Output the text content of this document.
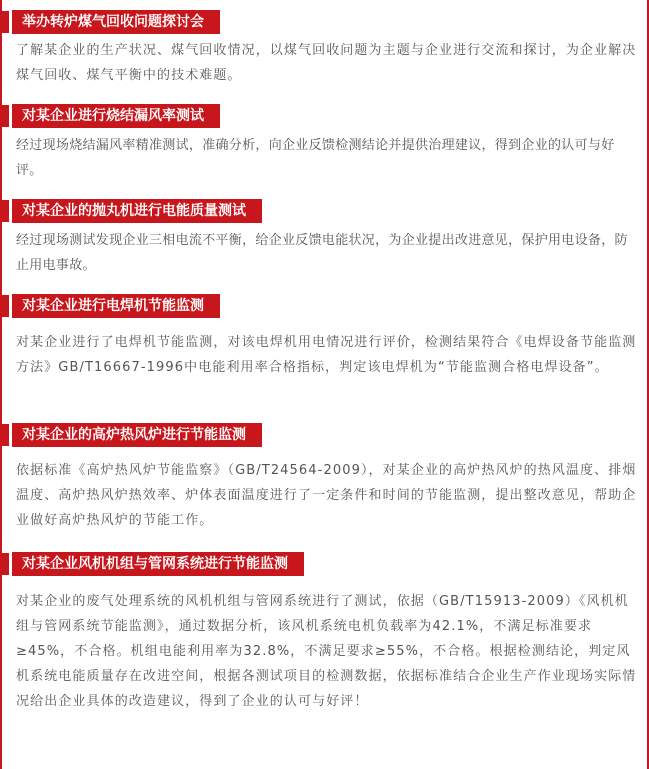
举办转炉煤气回收问题探讨会

了解某企业的生产状况、煤气回收情况，以煤气回收问题为主题与企业进行交流和探讨，为企业解决煤气回收、煤气平衡中的技术难题。

对某企业进行烧结漏风率测试

经过现场烧结漏风率精准测试，准确分析，向企业反馈检测结论并提供治理建议，得到企业的认可与好评。

对某企业的抛丸机进行电能质量测试

经过现场测试发现企业三相电流不平衡，给企业反馈电能状况，为企业提出改进意见，保护用电设备，防止用电事故。

对某企业进行电焊机节能监测

对某企业进行了电焊机节能监测，对该电焊机用电情况进行评价，检测结果符合《电焊设备节能监测方法》GB/T16667-1996中电能利用率合格指标，判定该电焊机为“节能监测合格电焊设备”。

对某企业的高炉热风炉进行节能监测

依据标准《高炉热风炉节能监察》（GB/T24564-2009），对某企业的高炉热风炉的热风温度、排烟温度、高炉热风炉热效率、炉体表面温度进行了一定条件和时间的节能监测，提出整改意见，帮助企业做好高炉热风炉的节能工作。

对某企业风机机组与管网系统进行节能监测

对某企业的废气处理系统的风机机组与管网系统进行了测试，依据（GB/T15913-2009）《风机机组与管网系统节能监测》，通过数据分析，该风机系统电机负载率为42.1%，不满足标准要求≥45%，不合格。机组电能利用率为32.8%，不满足要求≥55%，不合格。根据检测结论，判定风机系统电能质量存在改进空间，根据各测试项目的检测数据，依据标准结合企业生产作业现场实际情况给出企业具体的改造建议，得到了企业的认可与好评！
